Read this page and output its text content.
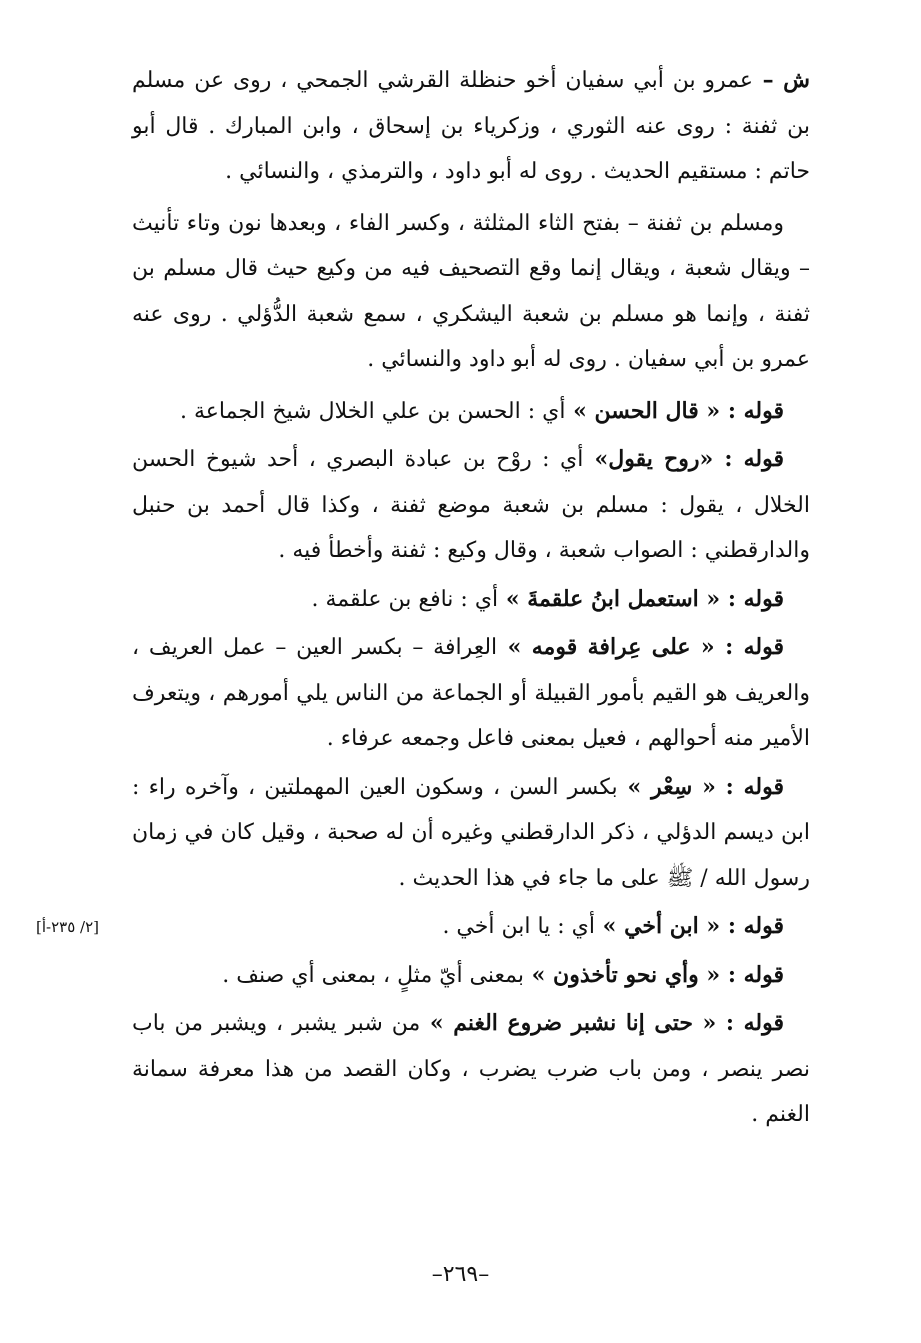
ش – عمرو بن أبي سفيان أخو حنظلة القرشي الجمحي ، روى عن مسلم بن ثفنة : روى عنه الثوري ، وزكرياء بن إسحاق ، وابن المبارك . قال أبو حاتم : مستقيم الحديث . روى له أبو داود ، والترمذي ، والنسائي .

ومسلم بن ثفنة – بفتح الثاء المثلثة ، وكسر الفاء ، وبعدها نون وتاء تأنيث – ويقال شعبة ، ويقال إنما وقع التصحيف فيه من وكيع حيث قال مسلم بن ثفنة ، وإنما هو مسلم بن شعبة اليشكري ، سمع شعبة الدُّؤلي . روى عنه عمرو بن أبي سفيان . روى له أبو داود والنسائي .

قوله : « قال الحسن » أي : الحسن بن علي الخلال شيخ الجماعة .

قوله : «روح يقول» أي : روْح بن عبادة البصري ، أحد شيوخ الحسن الخلال ، يقول : مسلم بن شعبة موضع ثفنة ، وكذا قال أحمد بن حنبل والدارقطني : الصواب شعبة ، وقال وكيع : ثفنة وأخطأ فيه .

قوله : « استعمل ابنُ علقمةَ » أي : نافع بن علقمة .

قوله : « على عِرافة قومه » العِرافة – بكسر العين – عمل العريف ، والعريف هو القيم بأمور القبيلة أو الجماعة من الناس يلي أمورهم ، ويتعرف الأمير منه أحوالهم ، فعيل بمعنى فاعل وجمعه عرفاء .

قوله : « سِعْر » بكسر السن ، وسكون العين المهملتين ، وآخره راء : ابن ديسم الدؤلي ، ذكر الدارقطني وغيره أن له صحبة ، وقيل كان في زمان رسول الله / ﷺ على ما جاء في هذا الحديث .

قوله : « ابن أخي » أي : يا ابن أخي .

قوله : « وأي نحو تأخذون » بمعنى أيّ مثلٍ ، بمعنى أي صنف .

قوله : « حتى إنا نشبر ضروع الغنم » من شبر يشبر ، ويشبر من باب نصر ينصر ، ومن باب ضرب يضرب ، وكان القصد من هذا معرفة سمانة الغنم .

[٢/ ٢٣٥-أ]
–٢٦٩–
